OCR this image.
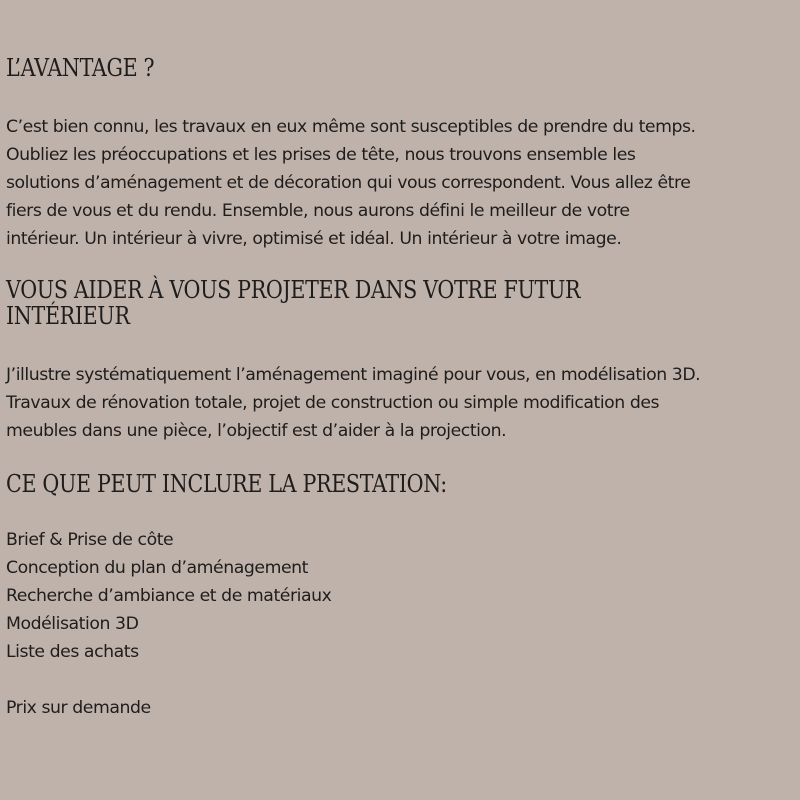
L’AVANTAGE ?

C’est bien connu, les travaux en eux même sont susceptibles de prendre du temps.
Oubliez les préoccupations et les prises de tête, nous trouvons ensemble les
solutions d’aménagement et de décoration qui vous correspondent. Vous allez être
fiers de vous et du rendu. Ensemble, nous aurons défini le meilleur de votre
intérieur. Un intérieur à vivre, optimisé et idéal. Un intérieur à votre image.

VOUS AIDER À VOUS PROJETER DANS VOTRE FUTUR
INTÉRIEUR

J’illustre systématiquement l’aménagement imaginé pour vous, en modélisation 3D.
Travaux de rénovation totale, projet de construction ou simple modification des
meubles dans une pièce, l’objectif est d’aider à la projection.

CE QUE PEUT INCLURE LA PRESTATION:
Brief & Prise de côte
Conception du plan d’aménagement
Recherche d’ambiance et de matériaux
Modélisation 3D
Liste des achats

Prix sur demande
